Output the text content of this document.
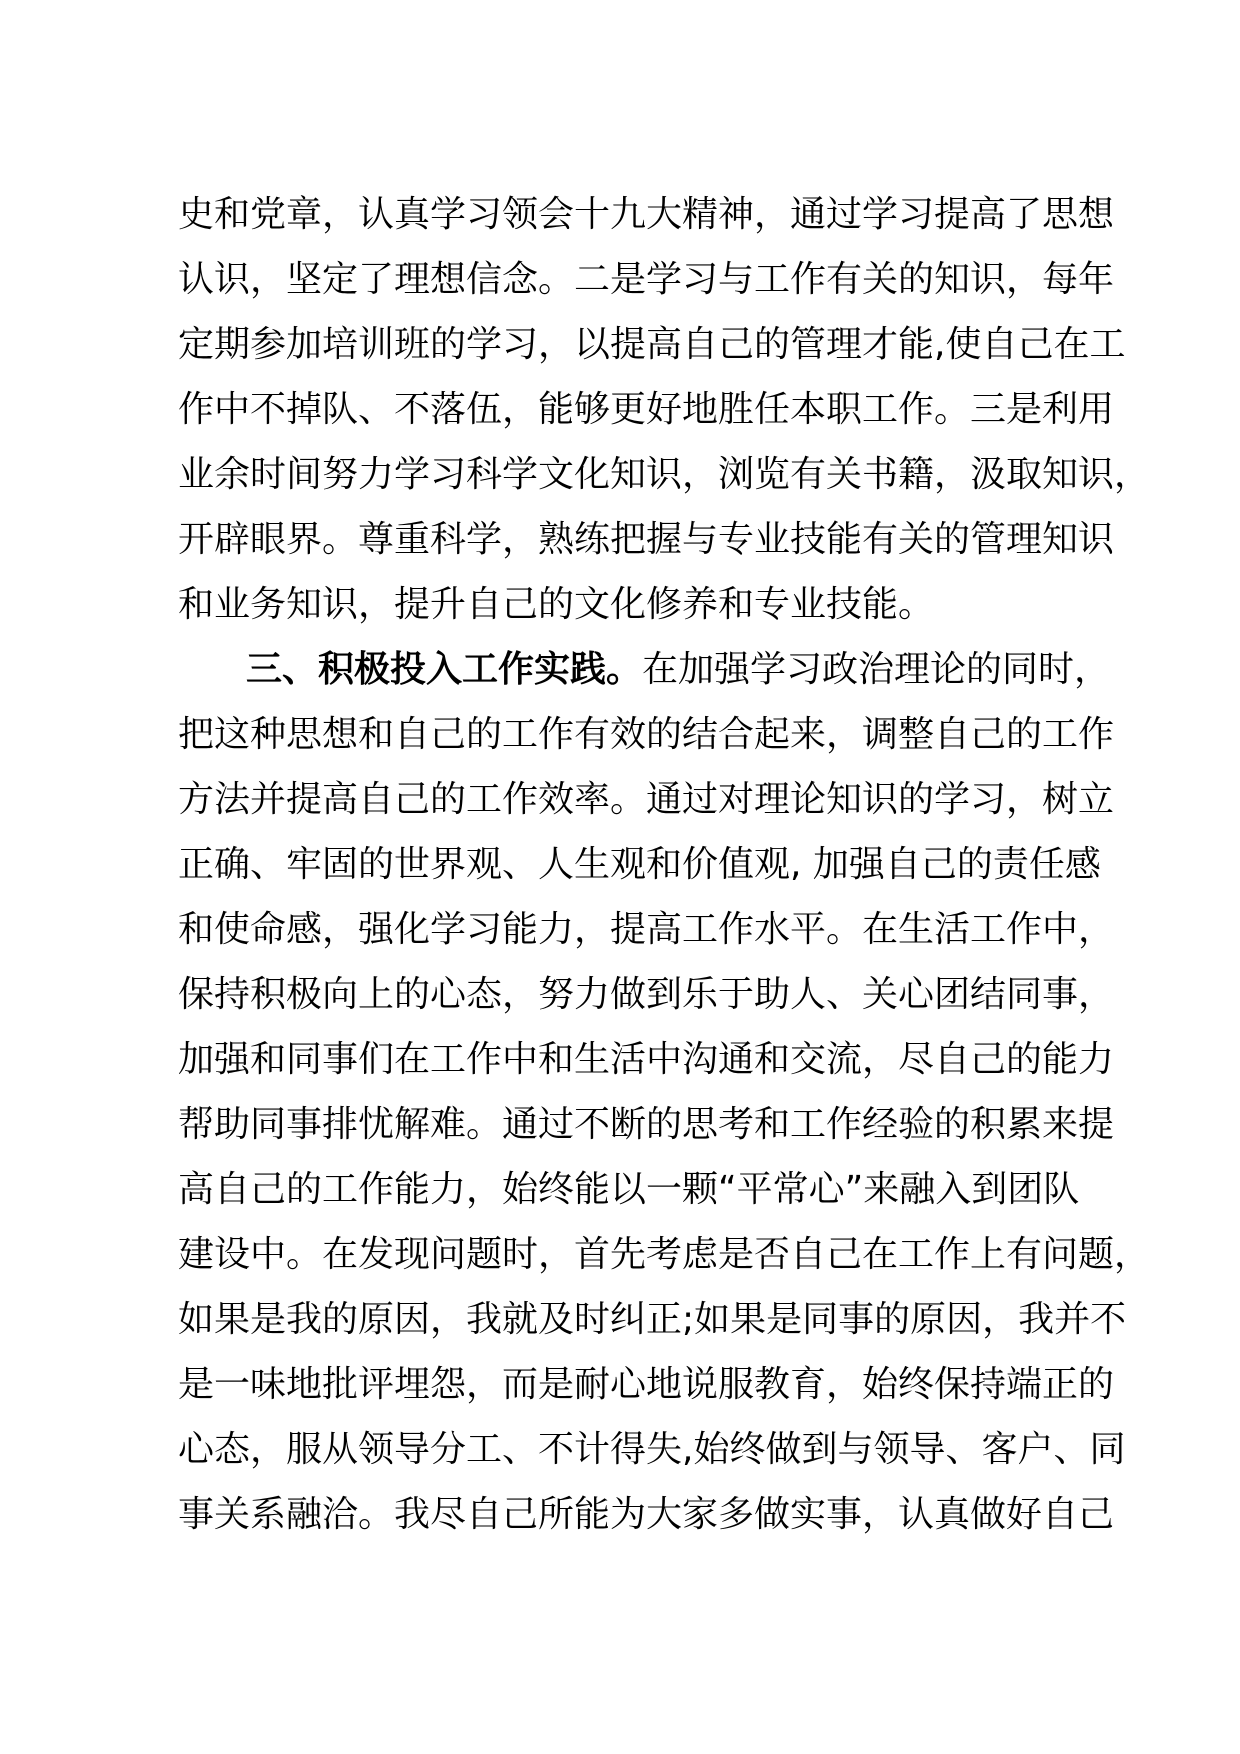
史和党章，认真学习领会十九大精神，通过学习提高了思想
认识，坚定了理想信念。二是学习与工作有关的知识，每年
定期参加培训班的学习，以提高自己的管理才能,使自己在工
作中不掉队、不落伍，能够更好地胜任本职工作。三是利用
业余时间努力学习科学文化知识，浏览有关书籍，汲取知识，
开辟眼界。尊重科学，熟练把握与专业技能有关的管理知识
和业务知识，提升自己的文化修养和专业技能。
三、积极投入工作实践。在加强学习政治理论的同时，
把这种思想和自己的工作有效的结合起来，调整自己的工作
方法并提高自己的工作效率。通过对理论知识的学习，树立
正确、牢固的世界观、人生观和价值观, 加强自己的责任感
和使命感，强化学习能力，提高工作水平。在生活工作中，
保持积极向上的心态，努力做到乐于助人、关心团结同事，
加强和同事们在工作中和生活中沟通和交流，尽自己的能力
帮助同事排忧解难。通过不断的思考和工作经验的积累来提
高自己的工作能力，始终能以一颗“平常心”来融入到团队
建设中。在发现问题时，首先考虑是否自己在工作上有问题，
如果是我的原因，我就及时纠正;如果是同事的原因，我并不
是一味地批评埋怨，而是耐心地说服教育，始终保持端正的
心态，服从领导分工、不计得失,始终做到与领导、客户、同
事关系融洽。我尽自己所能为大家多做实事，认真做好自己
